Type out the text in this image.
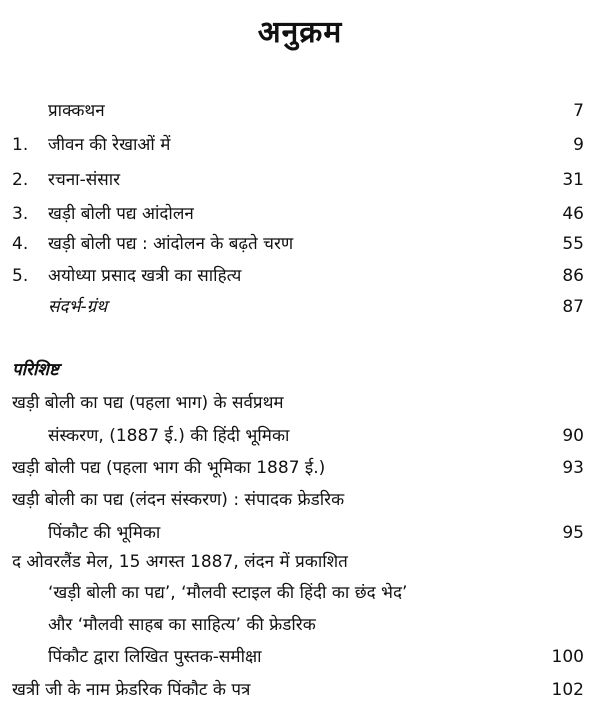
अनुक्रम
प्राक्कथन	7
1. जीवन की रेखाओं में	9
2. रचना-संसार	31
3. खड़ी बोली पद्य आंदोलन	46
4. खड़ी बोली पद्य : आंदोलन के बढ़ते चरण	55
5. अयोध्या प्रसाद खत्री का साहित्य	86
संदर्भ-ग्रंथ	87
परिशिष्ट
खड़ी बोली का पद्य (पहला भाग) के सर्वप्रथम
संस्करण, (1887 ई.) की हिंदी भूमिका	90
खड़ी बोली पद्य (पहला भाग की भूमिका 1887 ई.)	93
खड़ी बोली का पद्य (लंदन संस्करण) : संपादक फ्रेडरिक
पिंकौट की भूमिका	95
द ओवरलैंड मेल, 15 अगस्त 1887, लंदन में प्रकाशित
‘खड़ी बोली का पद्य’, ‘मौलवी स्टाइल की हिंदी का छंद भेद’
और ‘मौलवी साहब का साहित्य’ की फ्रेडरिक
पिंकौट द्वारा लिखित पुस्तक-समीक्षा	100
खत्री जी के नाम फ्रेडरिक पिंकौट के पत्र	102
